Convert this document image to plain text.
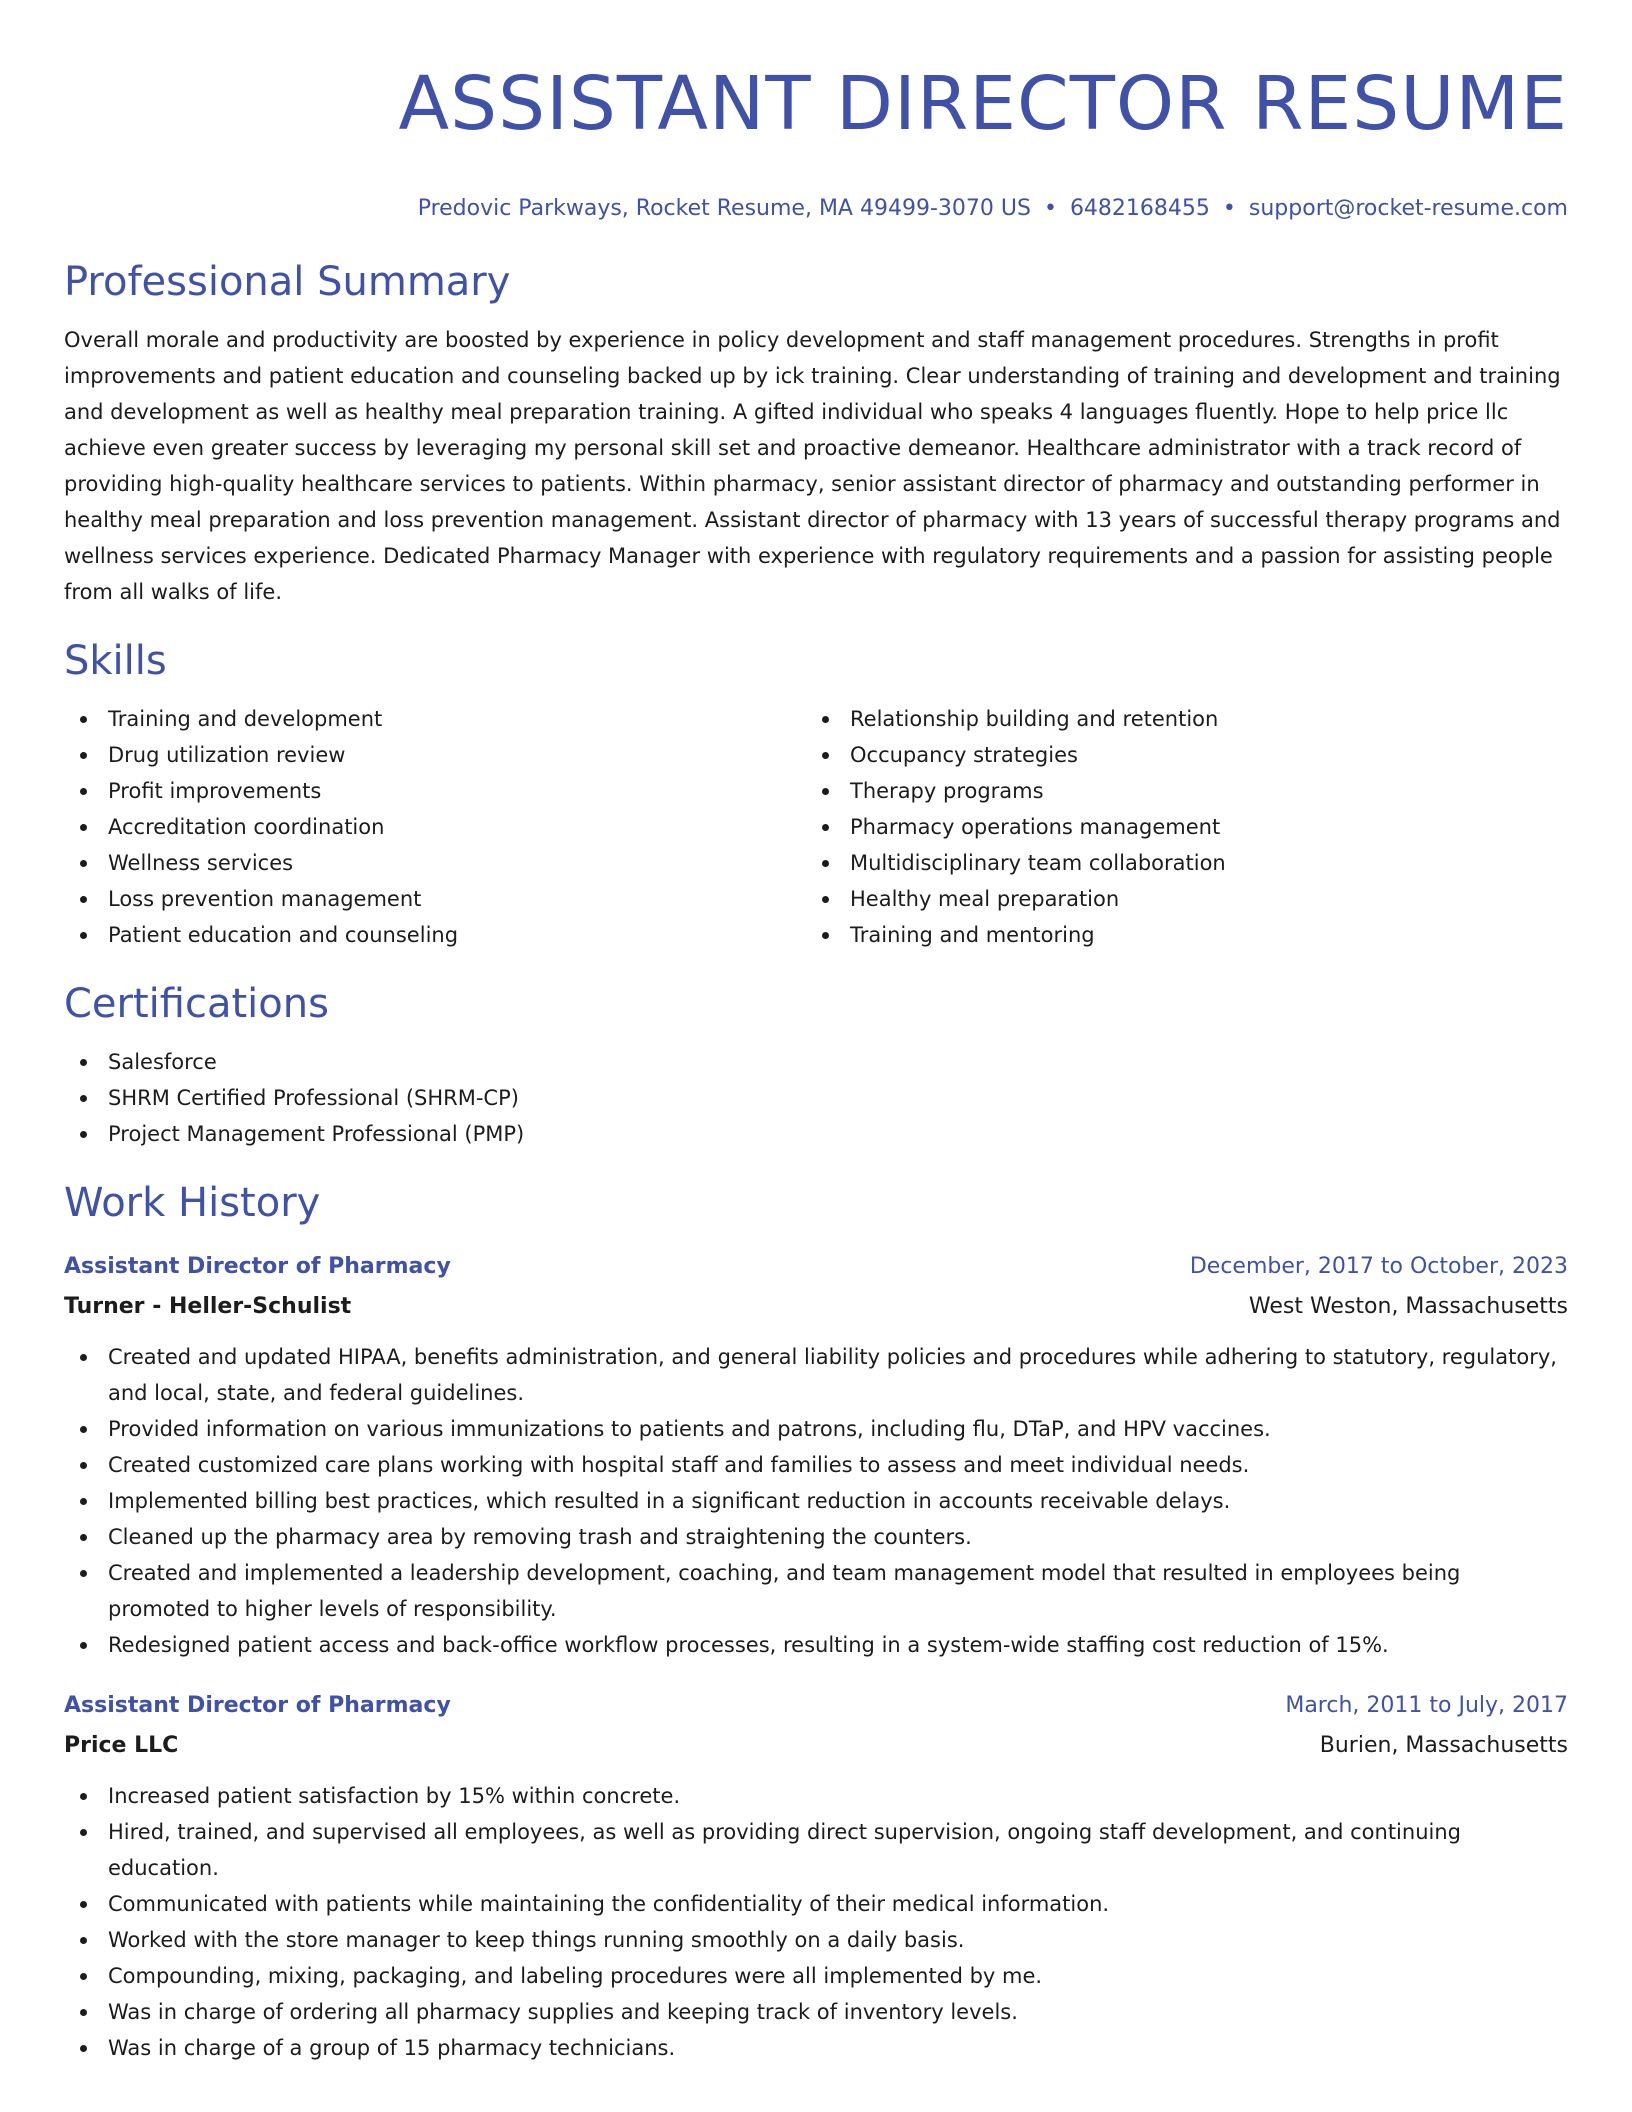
ASSISTANT DIRECTOR RESUME
Predovic Parkways, Rocket Resume, MA 49499-3070 US • 6482168455 • support@rocket-resume.com
Professional Summary

Overall morale and productivity are boosted by experience in policy development and staff management procedures. Strengths in profit improvements and patient education and counseling backed up by ick training. Clear understanding of training and development and training and development as well as healthy meal preparation training. A gifted individual who speaks 4 languages fluently. Hope to help price llc achieve even greater success by leveraging my personal skill set and proactive demeanor. Healthcare administrator with a track record of providing high-quality healthcare services to patients. Within pharmacy, senior assistant director of pharmacy and outstanding performer in healthy meal preparation and loss prevention management. Assistant director of pharmacy with 13 years of successful therapy programs and wellness services experience. Dedicated Pharmacy Manager with experience with regulatory requirements and a passion for assisting people from all walks of life.

Skills
Training and development
Drug utilization review
Profit improvements
Accreditation coordination
Wellness services
Loss prevention management
Patient education and counseling
Relationship building and retention
Occupancy strategies
Therapy programs
Pharmacy operations management
Multidisciplinary team collaboration
Healthy meal preparation
Training and mentoring
Certifications
Salesforce
SHRM Certified Professional (SHRM-CP)
Project Management Professional (PMP)
Work History
Assistant Director of Pharmacy	December, 2017 to October, 2023
Turner - Heller-Schulist	West Weston, Massachusetts
Created and updated HIPAA, benefits administration, and general liability policies and procedures while adhering to statutory, regulatory, and local, state, and federal guidelines.
Provided information on various immunizations to patients and patrons, including flu, DTaP, and HPV vaccines.
Created customized care plans working with hospital staff and families to assess and meet individual needs.
Implemented billing best practices, which resulted in a significant reduction in accounts receivable delays.
Cleaned up the pharmacy area by removing trash and straightening the counters.
Created and implemented a leadership development, coaching, and team management model that resulted in employees being promoted to higher levels of responsibility.
Redesigned patient access and back-office workflow processes, resulting in a system-wide staffing cost reduction of 15%.
Assistant Director of Pharmacy	March, 2011 to July, 2017
Price LLC	Burien, Massachusetts
Increased patient satisfaction by 15% within concrete.
Hired, trained, and supervised all employees, as well as providing direct supervision, ongoing staff development, and continuing education.
Communicated with patients while maintaining the confidentiality of their medical information.
Worked with the store manager to keep things running smoothly on a daily basis.
Compounding, mixing, packaging, and labeling procedures were all implemented by me.
Was in charge of ordering all pharmacy supplies and keeping track of inventory levels.
Was in charge of a group of 15 pharmacy technicians.
